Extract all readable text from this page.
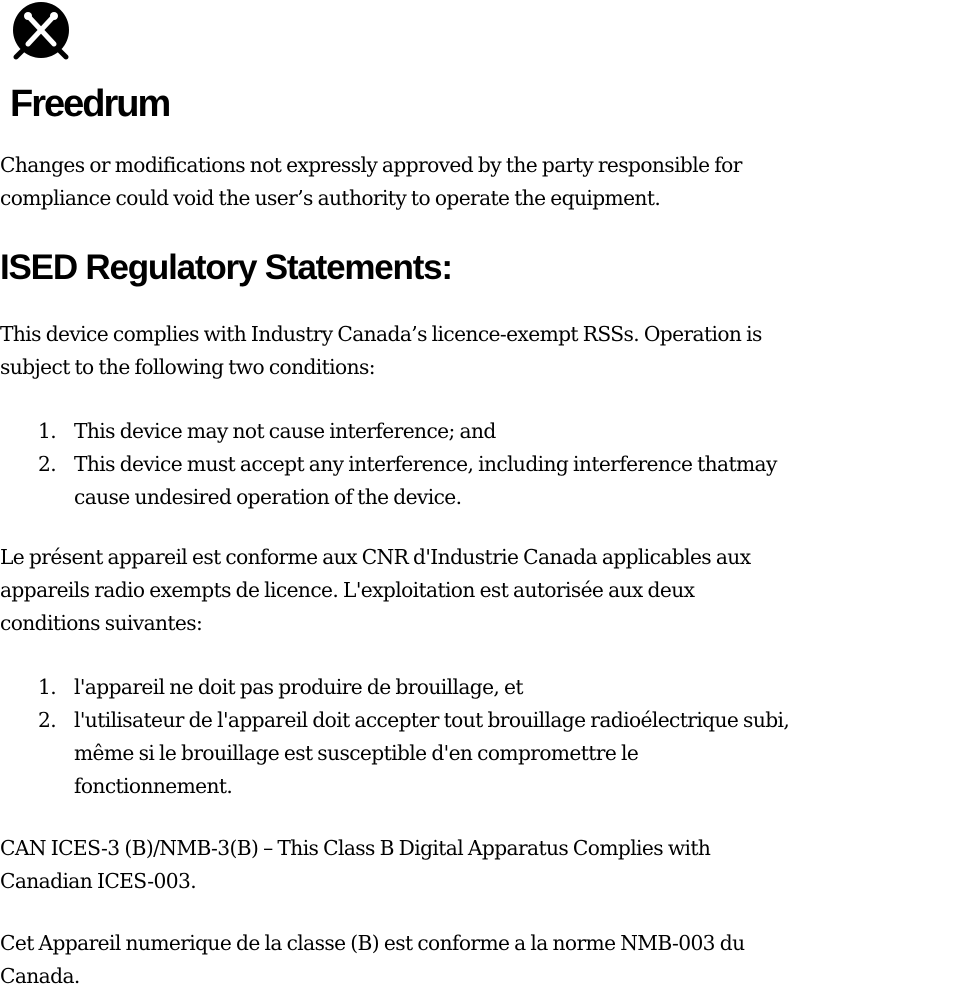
Freedrum

Changes or modifications not expressly approved by the party responsible for
compliance could void the user’s authority to operate the equipment.

ISED Regulatory Statements:

This device complies with Industry Canada’s licence-exempt RSSs. Operation is
subject to the following two conditions:

1. This device may not cause interference; and
2. This device must accept any interference, including interference thatmay
cause undesired operation of the device.

Le présent appareil est conforme aux CNR d'Industrie Canada applicables aux
appareils radio exempts de licence. L'exploitation est autorisée aux deux
conditions suivantes:

1. l'appareil ne doit pas produire de brouillage, et
2. l'utilisateur de l'appareil doit accepter tout brouillage radioélectrique subi,
même si le brouillage est susceptible d'en compromettre le
fonctionnement.

CAN ICES-3 (B)/NMB-3(B) – This Class B Digital Apparatus Complies with
Canadian ICES-003.

Cet Appareil numerique de la classe (B) est conforme a la norme NMB-003 du
Canada.
